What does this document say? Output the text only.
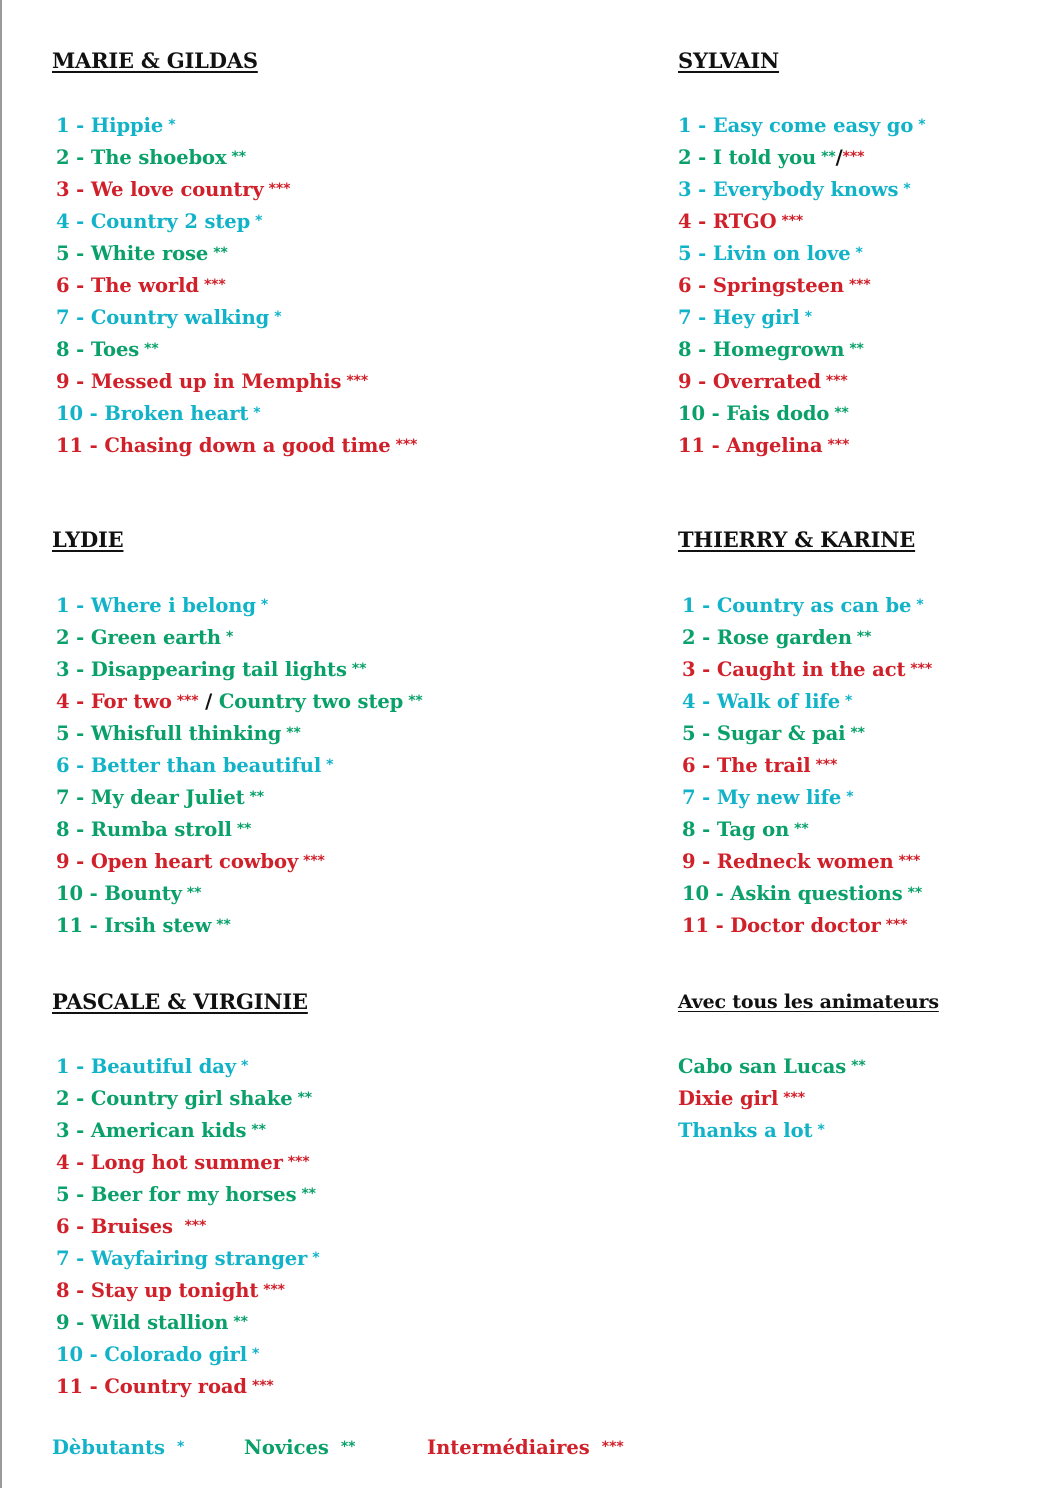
MARIE & GILDAS
1 - Hippie *
2 - The shoebox **
3 - We love country ***
4 - Country 2 step *
5 - White rose **
6 - The world ***
7 - Country walking *
8 - Toes **
9 - Messed up in Memphis ***
10 - Broken heart *
11 - Chasing down a good time ***
SYLVAIN
1 - Easy come easy go *
2 - I told you **/***
3 - Everybody knows *
4 - RTGO ***
5 - Livin on love *
6 - Springsteen ***
7 - Hey girl *
8 - Homegrown **
9 - Overrated ***
10 - Fais dodo **
11 - Angelina ***
LYDIE
1 - Where i belong *
2 - Green earth *
3 - Disappearing tail lights **
4 - For two *** / Country two step **
5 - Whisfull thinking **
6 - Better than beautiful *
7 - My dear Juliet **
8 - Rumba stroll **
9 - Open heart cowboy ***
10 - Bounty **
11 - Irsih stew **
THIERRY & KARINE
1 - Country as can be *
2 - Rose garden **
3 - Caught in the act ***
4 - Walk of life *
5 - Sugar & pai **
6 - The trail ***
7 - My new life *
8 - Tag on **
9 - Redneck women ***
10 - Askin questions **
11 - Doctor doctor ***
PASCALE & VIRGINIE
1 - Beautiful day *
2 - Country girl shake **
3 - American kids **
4 - Long hot summer ***
5 - Beer for my horses **
6 - Bruises ***
7 - Wayfairing stranger *
8 - Stay up tonight ***
9 - Wild stallion **
10 - Colorado girl *
11 - Country road ***
Avec tous les animateurs
Cabo san Lucas **
Dixie girl ***
Thanks a lot *
Dèbutants *	Novices **	Intermédiaires ***
